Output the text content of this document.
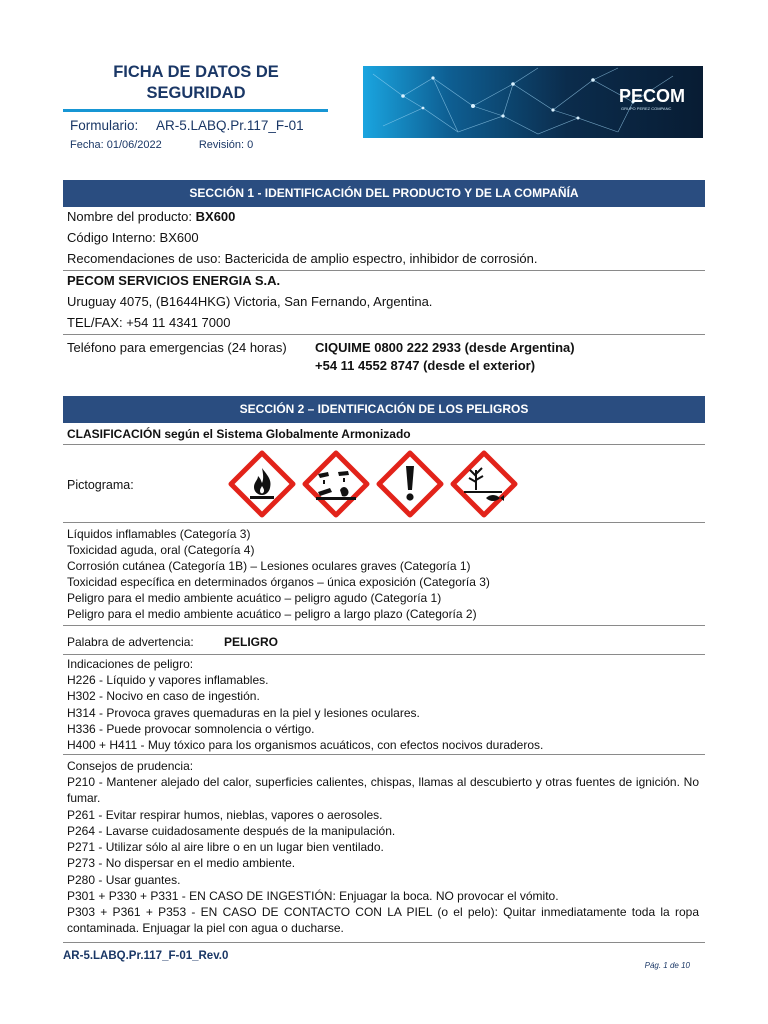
FICHA DE DATOS DE
SEGURIDAD
Formulario: AR-5.LABQ.Pr.117_F-01
Fecha: 01/06/2022	Revisión: 0
PECOM
GRUPO PEREZ COMPANC
SECCIÓN 1 - IDENTIFICACIÓN DEL PRODUCTO Y DE LA COMPAÑÍA
Nombre del producto: BX600
Código Interno: BX600
Recomendaciones de uso: Bactericida de amplio espectro, inhibidor de corrosión.
PECOM SERVICIOS ENERGIA S.A.
Uruguay 4075, (B1644HKG) Victoria, San Fernando, Argentina.
TEL/FAX: +54 11 4341 7000
Teléfono para emergencias (24 horas) CIQUIME 0800 222 2933 (desde Argentina)
+54 11 4552 8747 (desde el exterior)
SECCIÓN 2 – IDENTIFICACIÓN DE LOS PELIGROS
CLASIFICACIÓN según el Sistema Globalmente Armonizado
Pictograma:
Líquidos inflamables (Categoría 3)
Toxicidad aguda, oral (Categoría 4)
Corrosión cutánea (Categoría 1B) – Lesiones oculares graves (Categoría 1)
Toxicidad específica en determinados órganos – única exposición (Categoría 3)
Peligro para el medio ambiente acuático – peligro agudo (Categoría 1)
Peligro para el medio ambiente acuático – peligro a largo plazo (Categoría 2)
Palabra de advertencia:	PELIGRO
Indicaciones de peligro:
H226 - Líquido y vapores inflamables.
H302 - Nocivo en caso de ingestión.
H314 - Provoca graves quemaduras en la piel y lesiones oculares.
H336 - Puede provocar somnolencia o vértigo.
H400 + H411 - Muy tóxico para los organismos acuáticos, con efectos nocivos duraderos.
Consejos de prudencia:
P210 - Mantener alejado del calor, superficies calientes, chispas, llamas al descubierto y otras fuentes de ignición. No fumar.
P261 - Evitar respirar humos, nieblas, vapores o aerosoles.
P264 - Lavarse cuidadosamente después de la manipulación.
P271 - Utilizar sólo al aire libre o en un lugar bien ventilado.
P273 - No dispersar en el medio ambiente.
P280 - Usar guantes.
P301 + P330 + P331 - EN CASO DE INGESTIÓN: Enjuagar la boca. NO provocar el vómito.
P303 + P361 + P353 - EN CASO DE CONTACTO CON LA PIEL (o el pelo): Quitar inmediatamente toda la ropa contaminada. Enjuagar la piel con agua o ducharse.
AR-5.LABQ.Pr.117_F-01_Rev.0
Pág. 1 de 10
